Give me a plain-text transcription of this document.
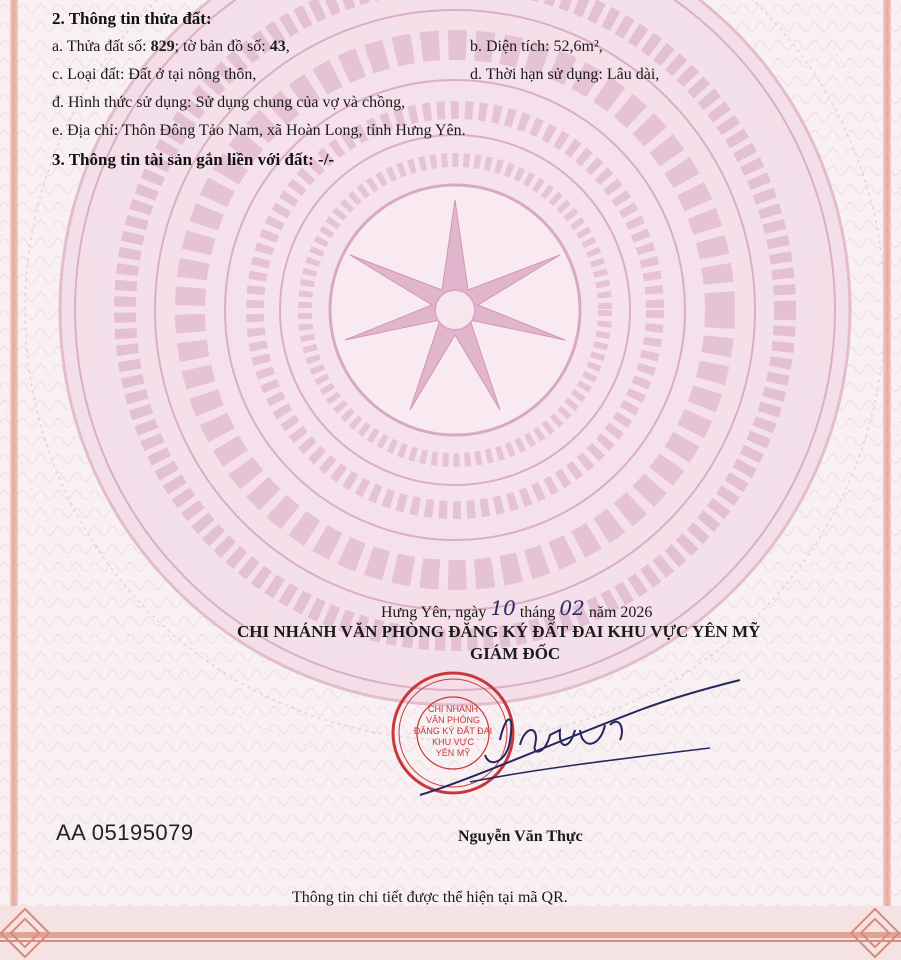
2. Thông tin thửa đất:
a. Thửa đất số: 829; tờ bản đồ số: 43,	b. Diện tích: 52,6m²,
c. Loại đất: Đất ở tại nông thôn,	d. Thời hạn sử dụng: Lâu dài,
đ. Hình thức sử dụng: Sử dụng chung của vợ và chồng,
e. Địa chỉ: Thôn Đông Tảo Nam, xã Hoàn Long, tỉnh Hưng Yên.
3. Thông tin tài sản gắn liền với đất: -/-
Hưng Yên, ngày 10 tháng 02 năm 2026
CHI NHÁNH VĂN PHÒNG ĐĂNG KÝ ĐẤT ĐAI KHU VỰC YÊN MỸ
GIÁM ĐỐC
CHI NHÁNH
VĂN PHÒNG
ĐĂNG KÝ ĐẤT ĐAI
KHU VỰC
YÊN MỸ
AA 05195079	Nguyễn Văn Thực
Thông tin chi tiết được thể hiện tại mã QR.
